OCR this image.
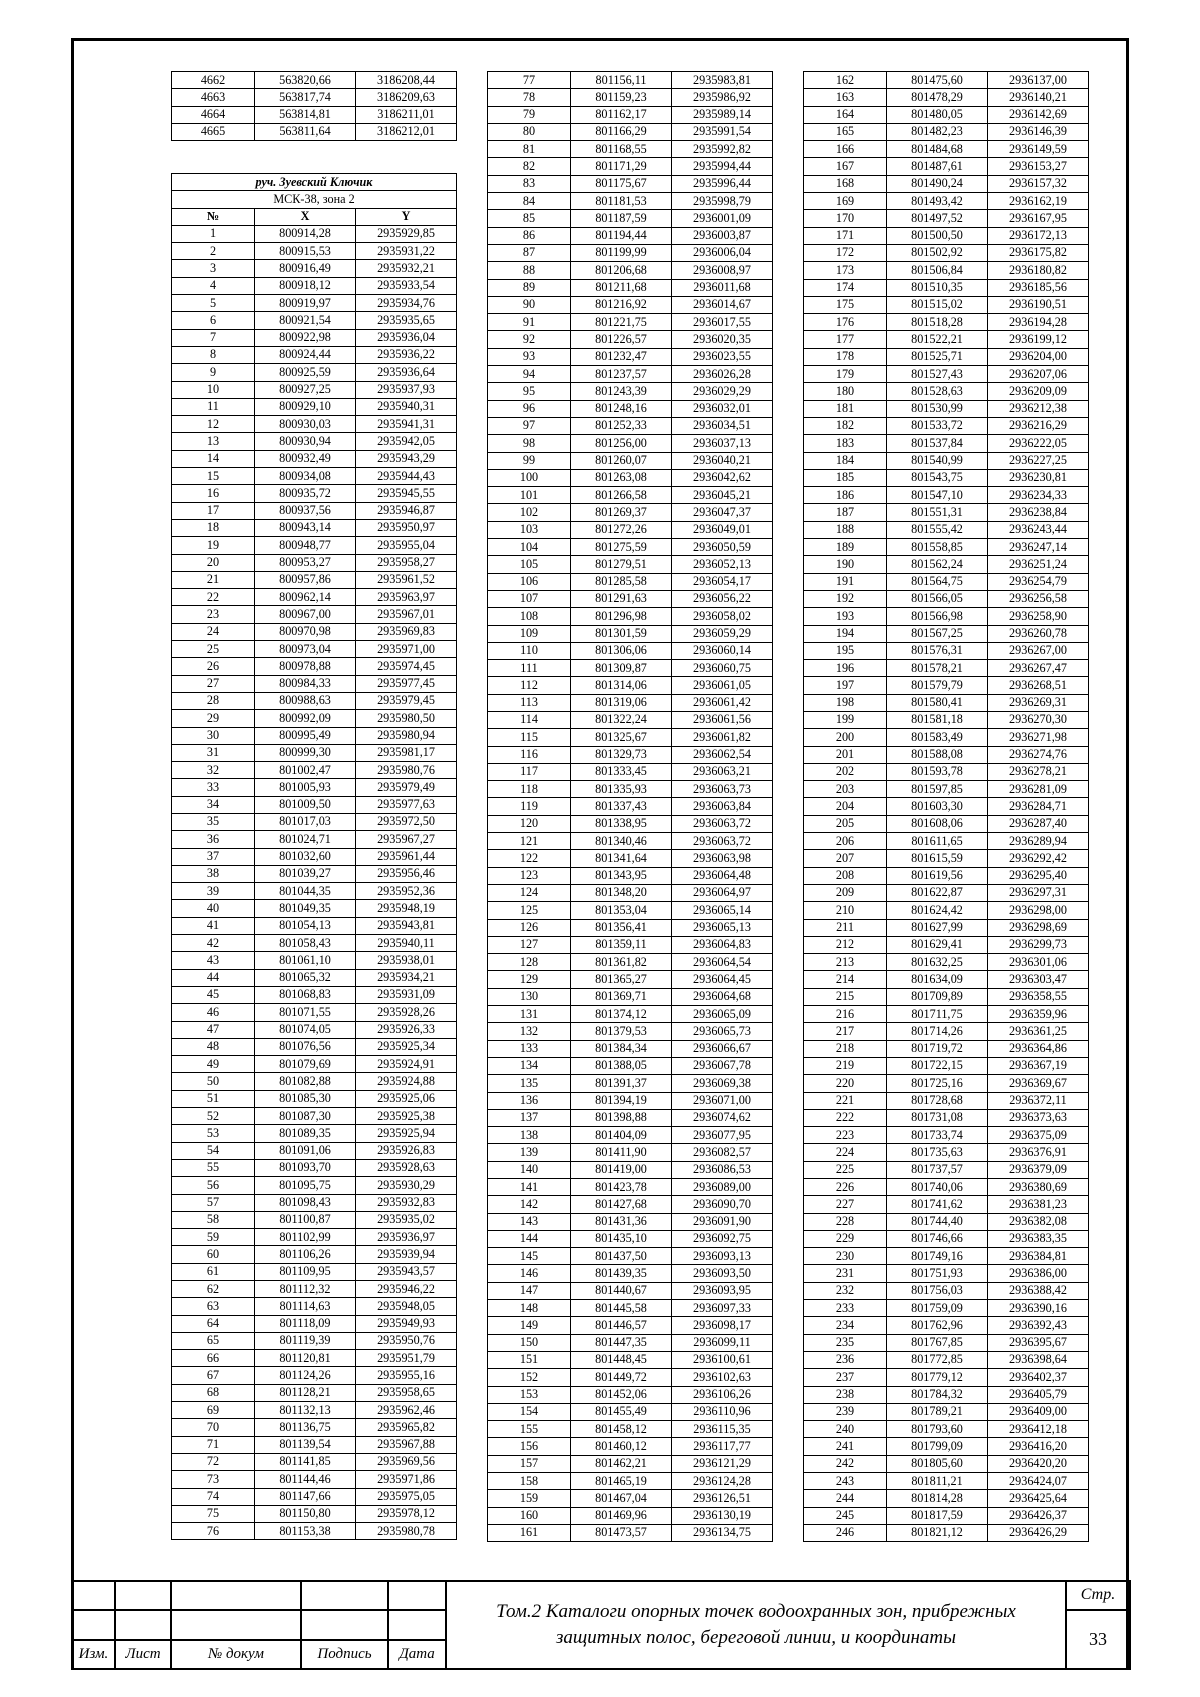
4662	563820,66	3186208,44
4663	563817,74	3186209,63
4664	563814,81	3186211,01
4665	563811,64	3186212,01
руч. Зуевский Ключик		
МСК-38, зона 2		
№	X	Y
1	800914,28	2935929,85
2	800915,53	2935931,22
3	800916,49	2935932,21
4	800918,12	2935933,54
5	800919,97	2935934,76
6	800921,54	2935935,65
7	800922,98	2935936,04
8	800924,44	2935936,22
9	800925,59	2935936,64
10	800927,25	2935937,93
11	800929,10	2935940,31
12	800930,03	2935941,31
13	800930,94	2935942,05
14	800932,49	2935943,29
15	800934,08	2935944,43
16	800935,72	2935945,55
17	800937,56	2935946,87
18	800943,14	2935950,97
19	800948,77	2935955,04
20	800953,27	2935958,27
21	800957,86	2935961,52
22	800962,14	2935963,97
23	800967,00	2935967,01
24	800970,98	2935969,83
25	800973,04	2935971,00
26	800978,88	2935974,45
27	800984,33	2935977,45
28	800988,63	2935979,45
29	800992,09	2935980,50
30	800995,49	2935980,94
31	800999,30	2935981,17
32	801002,47	2935980,76
33	801005,93	2935979,49
34	801009,50	2935977,63
35	801017,03	2935972,50
36	801024,71	2935967,27
37	801032,60	2935961,44
38	801039,27	2935956,46
39	801044,35	2935952,36
40	801049,35	2935948,19
41	801054,13	2935943,81
42	801058,43	2935940,11
43	801061,10	2935938,01
44	801065,32	2935934,21
45	801068,83	2935931,09
46	801071,55	2935928,26
47	801074,05	2935926,33
48	801076,56	2935925,34
49	801079,69	2935924,91
50	801082,88	2935924,88
51	801085,30	2935925,06
52	801087,30	2935925,38
53	801089,35	2935925,94
54	801091,06	2935926,83
55	801093,70	2935928,63
56	801095,75	2935930,29
57	801098,43	2935932,83
58	801100,87	2935935,02
59	801102,99	2935936,97
60	801106,26	2935939,94
61	801109,95	2935943,57
62	801112,32	2935946,22
63	801114,63	2935948,05
64	801118,09	2935949,93
65	801119,39	2935950,76
66	801120,81	2935951,79
67	801124,26	2935955,16
68	801128,21	2935958,65
69	801132,13	2935962,46
70	801136,75	2935965,82
71	801139,54	2935967,88
72	801141,85	2935969,56
73	801144,46	2935971,86
74	801147,66	2935975,05
75	801150,80	2935978,12
76	801153,38	2935980,78
77	801156,11	2935983,81
78	801159,23	2935986,92
79	801162,17	2935989,14
80	801166,29	2935991,54
81	801168,55	2935992,82
82	801171,29	2935994,44
83	801175,67	2935996,44
84	801181,53	2935998,79
85	801187,59	2936001,09
86	801194,44	2936003,87
87	801199,99	2936006,04
88	801206,68	2936008,97
89	801211,68	2936011,68
90	801216,92	2936014,67
91	801221,75	2936017,55
92	801226,57	2936020,35
93	801232,47	2936023,55
94	801237,57	2936026,28
95	801243,39	2936029,29
96	801248,16	2936032,01
97	801252,33	2936034,51
98	801256,00	2936037,13
99	801260,07	2936040,21
100	801263,08	2936042,62
101	801266,58	2936045,21
102	801269,37	2936047,37
103	801272,26	2936049,01
104	801275,59	2936050,59
105	801279,51	2936052,13
106	801285,58	2936054,17
107	801291,63	2936056,22
108	801296,98	2936058,02
109	801301,59	2936059,29
110	801306,06	2936060,14
111	801309,87	2936060,75
112	801314,06	2936061,05
113	801319,06	2936061,42
114	801322,24	2936061,56
115	801325,67	2936061,82
116	801329,73	2936062,54
117	801333,45	2936063,21
118	801335,93	2936063,73
119	801337,43	2936063,84
120	801338,95	2936063,72
121	801340,46	2936063,72
122	801341,64	2936063,98
123	801343,95	2936064,48
124	801348,20	2936064,97
125	801353,04	2936065,14
126	801356,41	2936065,13
127	801359,11	2936064,83
128	801361,82	2936064,54
129	801365,27	2936064,45
130	801369,71	2936064,68
131	801374,12	2936065,09
132	801379,53	2936065,73
133	801384,34	2936066,67
134	801388,05	2936067,78
135	801391,37	2936069,38
136	801394,19	2936071,00
137	801398,88	2936074,62
138	801404,09	2936077,95
139	801411,90	2936082,57
140	801419,00	2936086,53
141	801423,78	2936089,00
142	801427,68	2936090,70
143	801431,36	2936091,90
144	801435,10	2936092,75
145	801437,50	2936093,13
146	801439,35	2936093,50
147	801440,67	2936093,95
148	801445,58	2936097,33
149	801446,57	2936098,17
150	801447,35	2936099,11
151	801448,45	2936100,61
152	801449,72	2936102,63
153	801452,06	2936106,26
154	801455,49	2936110,96
155	801458,12	2936115,35
156	801460,12	2936117,77
157	801462,21	2936121,29
158	801465,19	2936124,28
159	801467,04	2936126,51
160	801469,96	2936130,19
161	801473,57	2936134,75
162	801475,60	2936137,00
163	801478,29	2936140,21
164	801480,05	2936142,69
165	801482,23	2936146,39
166	801484,68	2936149,59
167	801487,61	2936153,27
168	801490,24	2936157,32
169	801493,42	2936162,19
170	801497,52	2936167,95
171	801500,50	2936172,13
172	801502,92	2936175,82
173	801506,84	2936180,82
174	801510,35	2936185,56
175	801515,02	2936190,51
176	801518,28	2936194,28
177	801522,21	2936199,12
178	801525,71	2936204,00
179	801527,43	2936207,06
180	801528,63	2936209,09
181	801530,99	2936212,38
182	801533,72	2936216,29
183	801537,84	2936222,05
184	801540,99	2936227,25
185	801543,75	2936230,81
186	801547,10	2936234,33
187	801551,31	2936238,84
188	801555,42	2936243,44
189	801558,85	2936247,14
190	801562,24	2936251,24
191	801564,75	2936254,79
192	801566,05	2936256,58
193	801566,98	2936258,90
194	801567,25	2936260,78
195	801576,31	2936267,00
196	801578,21	2936267,47
197	801579,79	2936268,51
198	801580,41	2936269,31
199	801581,18	2936270,30
200	801583,49	2936271,98
201	801588,08	2936274,76
202	801593,78	2936278,21
203	801597,85	2936281,09
204	801603,30	2936284,71
205	801608,06	2936287,40
206	801611,65	2936289,94
207	801615,59	2936292,42
208	801619,56	2936295,40
209	801622,87	2936297,31
210	801624,42	2936298,00
211	801627,99	2936298,69
212	801629,41	2936299,73
213	801632,25	2936301,06
214	801634,09	2936303,47
215	801709,89	2936358,55
216	801711,75	2936359,96
217	801714,26	2936361,25
218	801719,72	2936364,86
219	801722,15	2936367,19
220	801725,16	2936369,67
221	801728,68	2936372,11
222	801731,08	2936373,63
223	801733,74	2936375,09
224	801735,63	2936376,91
225	801737,57	2936379,09
226	801740,06	2936380,69
227	801741,62	2936381,23
228	801744,40	2936382,08
229	801746,66	2936383,35
230	801749,16	2936384,81
231	801751,93	2936386,00
232	801756,03	2936388,42
233	801759,09	2936390,16
234	801762,96	2936392,43
235	801767,85	2936395,67
236	801772,85	2936398,64
237	801779,12	2936402,37
238	801784,32	2936405,79
239	801789,21	2936409,00
240	801793,60	2936412,18
241	801799,09	2936416,20
242	801805,60	2936420,20
243	801811,21	2936424,07
244	801814,28	2936425,64
245	801817,59	2936426,37
246	801821,12	2936426,29

					Том.2 Каталоги опорных точек водоохранных зон, прибрежных
защитных полос, береговой линии, и координаты	Стр.
						33
Изм.	Лист	№ докум	Подпись	Дата		
